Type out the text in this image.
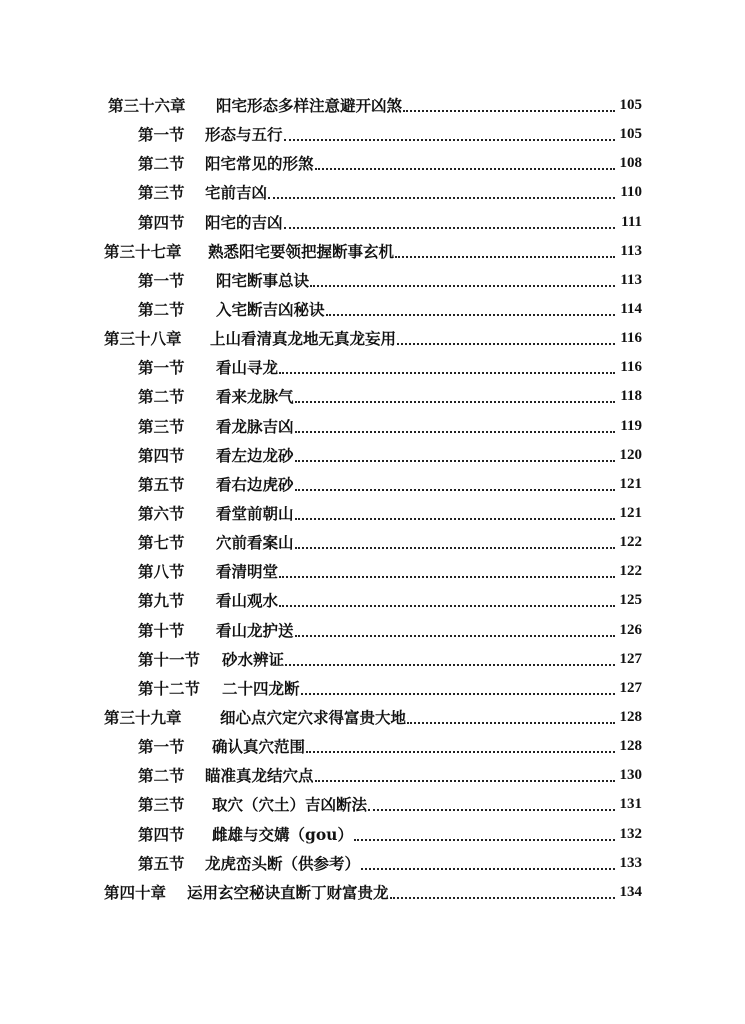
第三十六章 阳宅形态多样注意避开凶煞	105
第一节 形态与五行	105
第二节 阳宅常见的形煞	108
第三节 宅前吉凶	110
第四节 阳宅的吉凶	111
第三十七章 熟悉阳宅要领把握断事玄机	113
第一节 阳宅断事总诀	113
第二节 入宅断吉凶秘诀	114
第三十八章 上山看清真龙地无真龙妄用	116
第一节 看山寻龙	116
第二节 看来龙脉气	118
第三节 看龙脉吉凶	119
第四节 看左边龙砂	120
第五节 看右边虎砂	121
第六节 看堂前朝山	121
第七节 穴前看案山	122
第八节 看清明堂	122
第九节 看山观水	125
第十节 看山龙护送	126
第十一节 砂水辨证	127
第十二节 二十四龙断	127
第三十九章 细心点穴定穴求得富贵大地	128
第一节 确认真穴范围	128
第二节 瞄准真龙结穴点	130
第三节 取穴（穴土）吉凶断法	131
第四节 雌雄与交媾（gou）	132
第五节 龙虎峦头断（供参考）	133
第四十章 运用玄空秘诀直断丁财富贵龙	134
